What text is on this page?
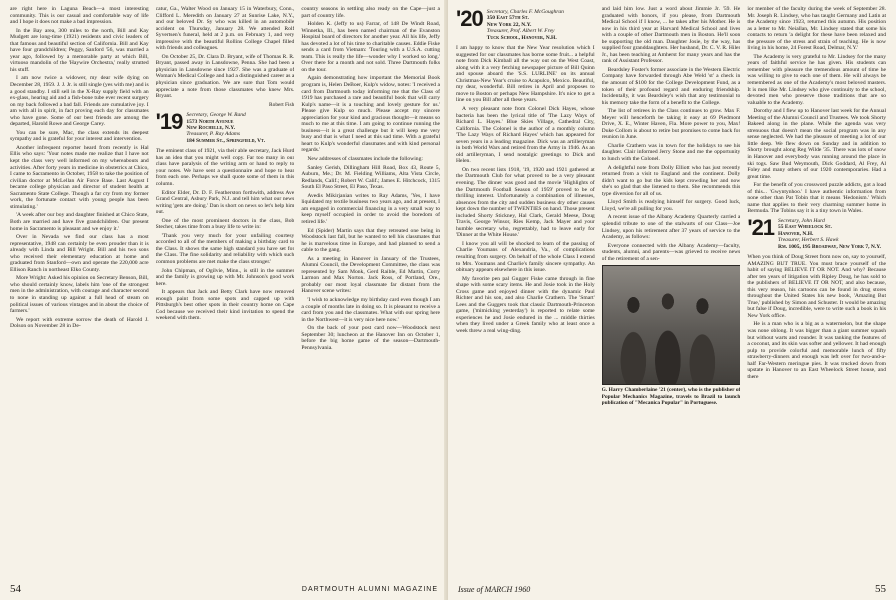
are right here in Laguna Beach—a most interesting community. This is our casual and comfortable way of life and I hope it does not make a bad impression.

In the Bay area, 300 miles to the north, Bill and Kay Mudgett are long-time (1921) residents and civic leaders of that famous and beautiful section of California. Bill and Kay have four grandchildren; Peggy, Sanford '56, was married a year ago, followed by a memorable party at which Bill, virtuoso mandolin of the 'Haywire Orchestra,' really strutted his stuff.

I am now twice a widower, my dear wife dying on December 28, 1959. J. J. Jr. is still single (yes with me) and is a good standby. I still sell in the X-Ray supply field with an ex-glass, hearing aid and a fish-bone tube ever recent surgery on my back followed a bad fall. Friends are cumulative joy. I am with all in spirit, in fact proving each day for classmates who have gone. Some of our best friends are among the departed, Harold Rowe and George Carey.

You can be sure, Mac, the class extends its deepest sympathy and is grateful for your interest and intervention.

Another infrequent reporter heard from recently is Hal Ellis who says: 'Your notes made me realize that I have not kept the class very well informed on my whereabouts and activities. After forty years in medicine in obstetrics at Chico, I came to Sacramento in October, 1958 to take the position of civilian doctor at McLellan Air Force Base. Last August I became college physician and director of student health at Sacramento State College. Though a far cry from my former work, the fortunate contact with young people has been stimulating.'

'A week after our boy and daughter finished at Chico State, Both are married and have five grandchildren. Our present home in Sacramento is pleasant and we enjoy it.'

Over in Nevada we find our class has a most representative, 1948 can certainly be even prouder than it is already with Linda and Bill Wright. Bill and his two sons who received their elementary education at home and graduated from Stanford—own and operate the 220,000 acre Ellison Ranch in northeast Elko County.

More Wright: Asked his opinion on Secretary Benson, Bill, who should certainly know, labels him 'one of the strongest men in the administration, with courage and character second to none in standing up against a full head of steam on political issues of various vintages and in about the choice of farmers.'

We report with extreme sorrow the death of Harold J. Dolson on November 28 in De-

catur, Ga., Walter Wood on January 15 in Waterbury, Conn., Clifford L. Meredith on January 27 at Sunrise Lake, N.Y., and our beloved Dr. Sy who was killed in an automobile accident on Thursday, January 28. We attended Rolf Syvertsen's funeral, held at 2 p.m. on February 1, and very impressive with the beautiful Rollins College Chapel filled with friends and colleagues.

On October 25, Dr. Clara D. Bryant, wife of Thomas R. R. Bryant, passed away in Lansdowne, Penna. She had been a physician in Lansdowne since 1927. She was a graduate of Woman's Medical College and had a distinguished career as a physician since graduation. We are sure that Tom would appreciate a note from those classmates who knew Mrs. Bryant.

Robert Fish
'19 Secretary, George W. Rand
1573 North Avenue
New Rochelle, N.Y.
Treasurer, P. Ray Adams
184 Summer St., Springfield, Vt.

The eminent class of 1921, via their able secretary, Jack Hurd has an idea that you might well copy. Far too many in our class have paralysis of the writing arm or hand to reply to your notes. We have sent a questionnaire and hope to hear from each one. Perhaps we shall quote some of them in this column.

Editor Elder, Dr. D. F. Featherston forthwith, address Ave Grand Central, Asbury Park, N.J. and tell him what our news writing 'gets are doing.' Dan is short on news so let's help him out.

One of the most prominent doctors in the class, Bob Stecher, takes time from a busy life to write in:

'Thank you very much for your unfailing courtesy accorded to all of the members of making a birthday card to the Class. It shows the same high standard you have set for the Class. The fine solidarity and reliability with which such common problems are met make the class stronger.'

John Chipman, of Ogilvie, Minn., is still in the summer and the family is growing up with Mr. Johnson's good work here.

It appears that Jack and Betty Clark have now removed enough paint from some spots and capped up with Pittsburgh's best other spots in their country home on Cape Cod because we received their kind invitation to spend the weekend with them.

country seasons in settling also ready on the Cape—just a part of country life.

Holden K. (Jeffy to us) Farrar, of 148 De Windt Road, Winnetka, Ill., has been named chairman of the Evanston Hospital board of directors for another year. All his life, Jeffy has devoted a lot of his time to charitable causes. Eddie Fiske sends a card from Vietnam: 'Touring with a U.S.A. cutting team. This is really the life—wonder why I worked so long.' Over there for a month and not sold. Three Dartmouth folks on the tour.

Again demonstrating how important the Memorial Book program is, Helen DeBoer, Kulp's widow, notes: 'I received a card from Dartmouth today informing me that the Class of 1919 has purchased a rare and beautiful book that will carry Kulp's name—it is a touching and lovely gesture for us.' Please give Kulp so much. Please accept my sincere appreciation for your kind and gracious thought—it means so much to me at this time. I am going to continue running the business—it is a great challenge but it will keep me very busy and that is what I need at this sad time. With a grateful heart to Kulp's wonderful classmates and with kind personal regards.'

New addresses of classmates include the following:

Sanley Gerish, Dillingham Hill Road, Box 43, Route 5, Auburn, Me.; Dr. M. Fielding Williams, Alta Vista Circle, Redlands, Calif.; Robert W. Calif.; James E. Hitchcock, 1315 South El Paso Street, El Paso, Texas.

Avedis Mikirjanian writes to Ray Adams, 'Yes, I have liquidated my textile business two years ago, and at present, I am engaged in commercial financing in a very small way to keep myself occupied in order to avoid the boredom of retired life.'

Ed (Spider) Martin says that they retreated one being in Woodstock last fall, but he wanted to tell his classmates that he is marvelous time in Europe, and had planned to send a cable to the gang.

As a meeting in Hanover in January of the Trustees, Alumni Council, the Development Committee, the class was represented by Sam Monk, Gerd Raible, Ed Martin, Corry Larmon and Max Norton. Jack Ross, of Portland, Ore., probably our most loyal classmate far distant from the Hanover scene writes:

'I wish to acknowledge my birthday card even though I am a couple of months late in doing so. It is pleasant to receive a card from you and the classmates. What with our spring here in the Northwest—it is very nice here now.'

On the back of your post card now—Woodstock next September 30; luncheon at the Hanover Inn on October 1, before the big home game of the season—Dartmouth-Pennsylvania.

54	DARTMOUTH ALUMNI MAGAZINE
'20 Secretary, Charles F. McGoughran
350 East 57th St.
New York 22, N.Y.
Treasurer, Prof. Albert W. Frey
Tuck School, Hanover, N.H.

I am happy to know that the New Year resolution which I suggested for our classmates has borne some fruit... a helpful note from Dick Kimball all the way out on the West Coast, along with it a very fetching newspaper picture of Bill Quinn and spouse aboard the 'S.S. LURLINE' on its annual Christmas-New Year's cruise to Acapulco, Mexico. Beautiful, my dear, wonderful. Bill retires in April and proposes to move to Boston or perhaps New Hampshire. It's nice to get a line on you Bill after all these years.

A very pleasant note from Colonel Dick Hayes, whose bacteria has been the lyrical title of 'The Lazy Ways of Richard L. Hayes.' Blue Skies Village, Cathedral City, California. The Colonel is the author of a monthly column 'The Lazy Ways of Richard Hayes' which has appeared for seven years in a leading magazine. Dick was an artilleryman in both World Wars and retired from the Army in 1946. As an old artilleryman, I send nostalgic greetings to Dick and Helen.

On two recent lists 1918, '19, 1920 and 1921 gathered at the Dartmouth Club for what proved to be a very pleasant evening. The dinner was good and the movie 'Highlights of the Dartmouth Football Season of 1959' proved to be of thrilling interest. Unfortunately a combination of illnesses, absences from the city and sudden business dry other causes kept down the number of TWENTIES on hand. Those present included Shorty Stickney, Hal Clark, Gerald Meese, Doug Travis, George Winsor, Ries Kemp, Jack Mayer and your humble secretary who, regrettably, had to leave early for 'Dinner at the White House.'

I know you all will be shocked to learn of the passing of Charlie Youmans of Alexandria, Va., of complications resulting from surgery. On behalf of the whole Class I extend to Mrs. Youmans and Charlie's family sincere sympathy. An obituary appears elsewhere in this issue.

My favorite pen pal Gugger Fiske came through in fine shape with some scary items. He and Josie took in the Holy Cross game and enjoyed dinner with the dynamic Paul Richter and his son, and also Charlie Crathern. The 'Smart' Lees and the Guggers took that classic Dartmouth-Princeton game, ('mimicking yesterday') is reported to relate some experiences he and Josie endured in the ... middle thirties when they lived under a Greek family who at least once a week threw a real wing-ding.

and laid him low. Just a word about Jimmie Jr. '59. He graduated with honors, if you please, from Dartmouth Medical School if I know, ... he takes after his Mother. He is now in his third year at Harvard Medical School and lives with a couple of other Dartmouth men in Boston. He'll soon be supporting the old man. Daughter Josie, by the way, has supplied four granddaughters. Her husband, Dr. C. V. R. Hiler Jr., has been teaching at Amherst for many years and has the rank of Assistant Professor.

Beardsley Foster's former associate in the Western Electric Company have forwarded through Abe Weld 'st' a check in the amount of $100 for the College Development Fund, as a token of their profound regard and enduring friendship. Incidentally, it was Beardsley's wish that any testimonial to his memory take the form of a benefit to the College.

The list of retirees in the Class continues to grow. Max F. Meyer will henceforth be taking it easy at 69 Piedmont Drive, X. E., Winter Haven, Fla. More power to you, Max! Duke Collom is about to retire but promises to come back for reunion in June.

Charlie Crathern was in town for the holidays to see his daughter. Clair informed Jerry Stone and me the opportunity to lunch with the Colonel.

A delightful note from Dolly Elliott who has just recently returned from a visit to England and the continent. Dolly didn't want to go but the kids kept crowding her and now she's so glad that she listened to them. She recommends this type diversion for all of us.

Lloyd Smith is readying himself for surgery. Good luck, Lloyd, we're all pulling for you.

A recent issue of the Albany Academy Quarterly carried a splendid tribute to one of the stalwarts of our Class—Joe Lindsey, upon his retirement after 37 years of service to the Academy, as follows:

Everyone connected with the Albany Academy—faculty, students, alumni, and parents—was grieved to receive news of the retirement of a sen-

G. Harry Chamberlaine '21 (center), who is the publisher of Popular Mechanics Magazine, travels to Brazil to launch publication of "Mecanica Popular" in Portuguese.

ior member of the faculty during the week of September 28. Mr. Joseph R. Lindsey, who has taught Germany and Latin at the Academy since 1923, returned this autumn. His position as a letter to Mr. Neiallan, Mr. Lindsey stated that some his contacts to return 'a delight for these have been relaxed and the pressure of the stress and strain of teaching. He is now living in his home, 24 Forest Road, Delmar, N.Y.'

The Academy is very grateful to Mr. Lindsey for the many years of faithful service he has given. His students can remember with pleasure the tremendous amount of time he was willing to give to each one of them. He will always be remembered as one of the Academy's most beloved masters. It is men like Mr. Lindsey who give continuity to the school, devoted men who preserve those traditions that are so valuable to the Academy.

Dorothy and I flew up to Hanover last week for the Annual Meeting of the Alumni Council and Trustees. We took Shorty Bakeed along in the plane. While the agenda was very strenuous that doesn't mean the social program was in any sense neglected. We had the pleasure of meeting a lot of our little deep. We flew down on Sunday and in addition to Shorty brought along Reg Wilde '35. There was lots of snow in Hanover and everybody was running around the place in ski togs. Saw Bud Weymouth, Dick Goddard, Al Frey, Al Foley and many others of our 1920 contemporaries. Had a great time.

For the benefit of you crossword puzzle addicts, got a load of this... 'Gwyntynhoo.' I have authentic information from none other than Pat Tobin that it means 'Hedonism.' Which name that applies to their very charming summer home in Bermuda. The Tobins say it is a tiny town in Wales.

'21 Secretary, John Hurd
55 East Wheelock St.
Hanover, N.H.
Treasurer, Herbert S. Hawk
Rm. 1005, 195 Broadway, New York 7, N.Y.

When you think of Doug Street from now on, say to yourself, AMAZING BUT TRUE. You must brace yourself of the habit of saying BELIEVE IT OR NOT. And why? Because after ten years of litigation with Ripley Doug, he has sold to the publishers of BELIEVE IT OR NOT, and also because, this very reason, his cartoons can be found in drug stores throughout the United States his new book, 'Amazing But True,' published by Simon and Schuster. It would be amazing but false if Doug, incredible, were to write such a book in his New York office.

He is a man who is a big as a watermelon, but the shape was none oblong. It was bigger than a giant summer squash but without warts and rounder. It was tanking the features of a coconut, and its skin was softer and yellower. It had enough pulp to provide colorful and memorable lunch of fifty strawberry-dinners and enough was left over for two-and-a-half Far-Western meringue pies. It was trucked down from upstate in Hanover to an East Wheelock Street house, and there

Issue of MARCH 1960	55
